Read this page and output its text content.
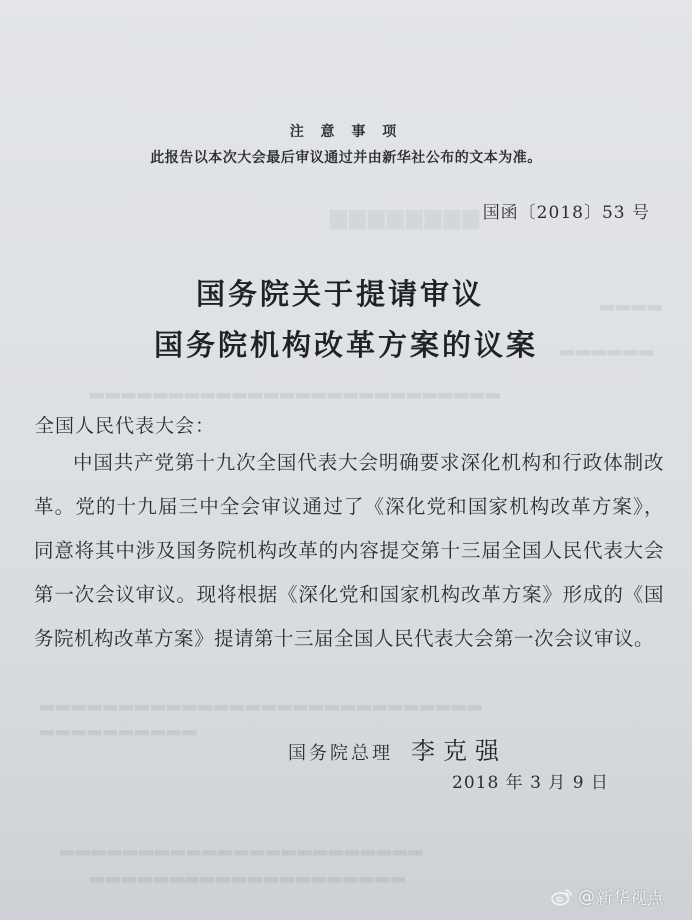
▆▆▆▆▆▆▆▆
▂▂▂▂
▂▂▂▂▂▂
▂▂▂▂▂▂▂▂▂▂▂▂▂▂▂▂▂▂▂▂▂▂▂▂▂▂
▂▂▂▂▂▂▂▂▂▂▂▂▂▂▂▂▂▂▂▂▂▂▂▂▂▂▂▂
▂▂▂▂▂▂▂▂▂▂
▂▂▂▂▂▂▂▂▂▂▂▂▂▂▂▂▂▂▂▂▂▂▂
▂▂▂▂▂▂▂▂▂▂▂▂▂▂▂▂▂▂▂▂
注 意 事 项
此报告以本次大会最后审议通过并由新华社公布的文本为准。
国函〔2018〕53 号
国务院关于提请审议
国务院机构改革方案的议案
全国人民代表大会：

中国共产党第十九次全国代表大会明确要求深化机构和行政体制改革。党的十九届三中全会审议通过了《深化党和国家机构改革方案》，同意将其中涉及国务院机构改革的内容提交第十三届全国人民代表大会第一次会议审议。现将根据《深化党和国家机构改革方案》形成的《国务院机构改革方案》提请第十三届全国人民代表大会第一次会议审议。

国务院总理 李克强
2018 年 3 月 9 日
@ 新华视点
